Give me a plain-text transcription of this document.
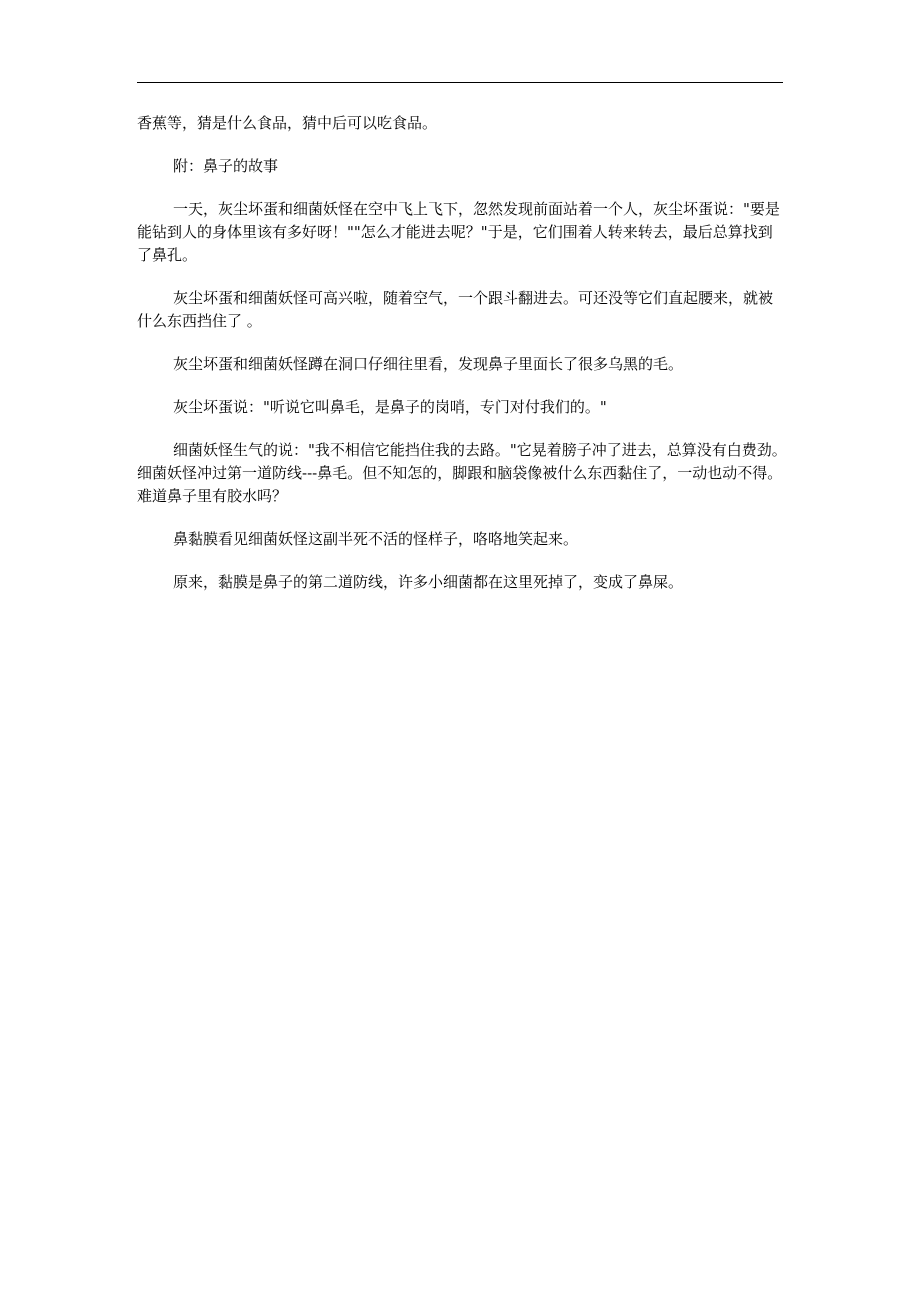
香蕉等，猜是什么食品，猜中后可以吃食品。

附：鼻子的故事

一天，灰尘坏蛋和细菌妖怪在空中飞上飞下，忽然发现前面站着一个人，灰尘坏蛋说："要是能钻到人的身体里该有多好呀！""怎么才能进去呢？"于是，它们围着人转来转去，最后总算找到了鼻孔。

灰尘坏蛋和细菌妖怪可高兴啦，随着空气，一个跟斗翻进去。可还没等它们直起腰来，就被什么东西挡住了 。

灰尘坏蛋和细菌妖怪蹲在洞口仔细往里看，发现鼻子里面长了很多乌黑的毛。

灰尘坏蛋说："听说它叫鼻毛，是鼻子的岗哨，专门对付我们的。"

细菌妖怪生气的说："我不相信它能挡住我的去路。"它晃着膀子冲了进去，总算没有白费劲。细菌妖怪冲过第一道防线---鼻毛。但不知怎的，脚跟和脑袋像被什么东西黏住了，一动也动不得。难道鼻子里有胶水吗？

鼻黏膜看见细菌妖怪这副半死不活的怪样子，咯咯地笑起来。

原来，黏膜是鼻子的第二道防线，许多小细菌都在这里死掉了，变成了鼻屎。
